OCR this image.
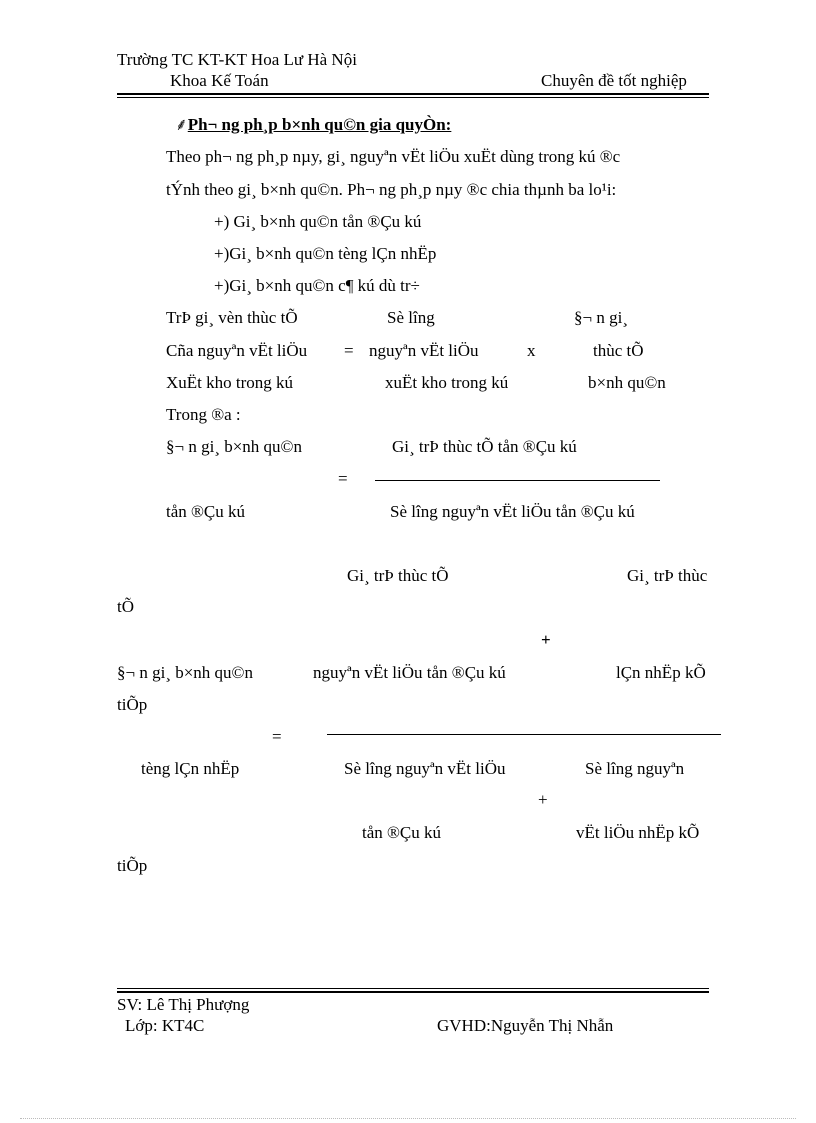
Trường TC KT-KT Hoa Lư Hà Nội
Khoa Kế Toán	Chuyên đề tốt nghiệp
⸙Ph¬ ng ph¸p b×nh qu©n gia quyÒn:
Theo ph¬ ng ph¸p nµy, gi¸ nguyªn vËt liÖu xuËt dùng trong kú ®c
tÝnh theo gi¸ b×nh qu©n. Ph¬ ng ph¸p nµy ®c chia thµnh ba lo¹i:
+) Gi¸ b×nh qu©n tån ®Çu kú
+)Gi¸ b×nh qu©n tèng lÇn nhËp
+)Gi¸ b×nh qu©n c¶ kú dù tr÷
TrÞ gi¸ vèn thùc tÕ	Sè lîng	§¬ n gi¸
Cña nguyªn vËt liÖu = nguyªn vËt liÖu	x	thùc tÕ
XuËt kho trong kú	xuËt kho trong kú	b×nh qu©n
Trong ®a :
§¬ n gi¸ b×nh qu©n	Gi¸ trÞ thùc tÕ tån ®Çu kú
=
tån ®Çu kú	Sè lîng nguyªn vËt liÖu tån ®Çu kú
Gi¸ trÞ thùc tÕ	Gi¸ trÞ thùc
tÕ
+
§¬ n gi¸ b×nh qu©n	nguyªn vËt liÖu tån ®Çu kú	lÇn nhËp kÕ
tiÕp
=
tèng lÇn nhËp	Sè lîng nguyªn vËt liÖu	Sè lîng nguyªn
+
tån ®Çu kú	vËt liÖu nhËp kÕ
tiÕp
SV: Lê Thị Phượng
Lớp: KT4C	GVHD:Nguyễn Thị Nhẫn
